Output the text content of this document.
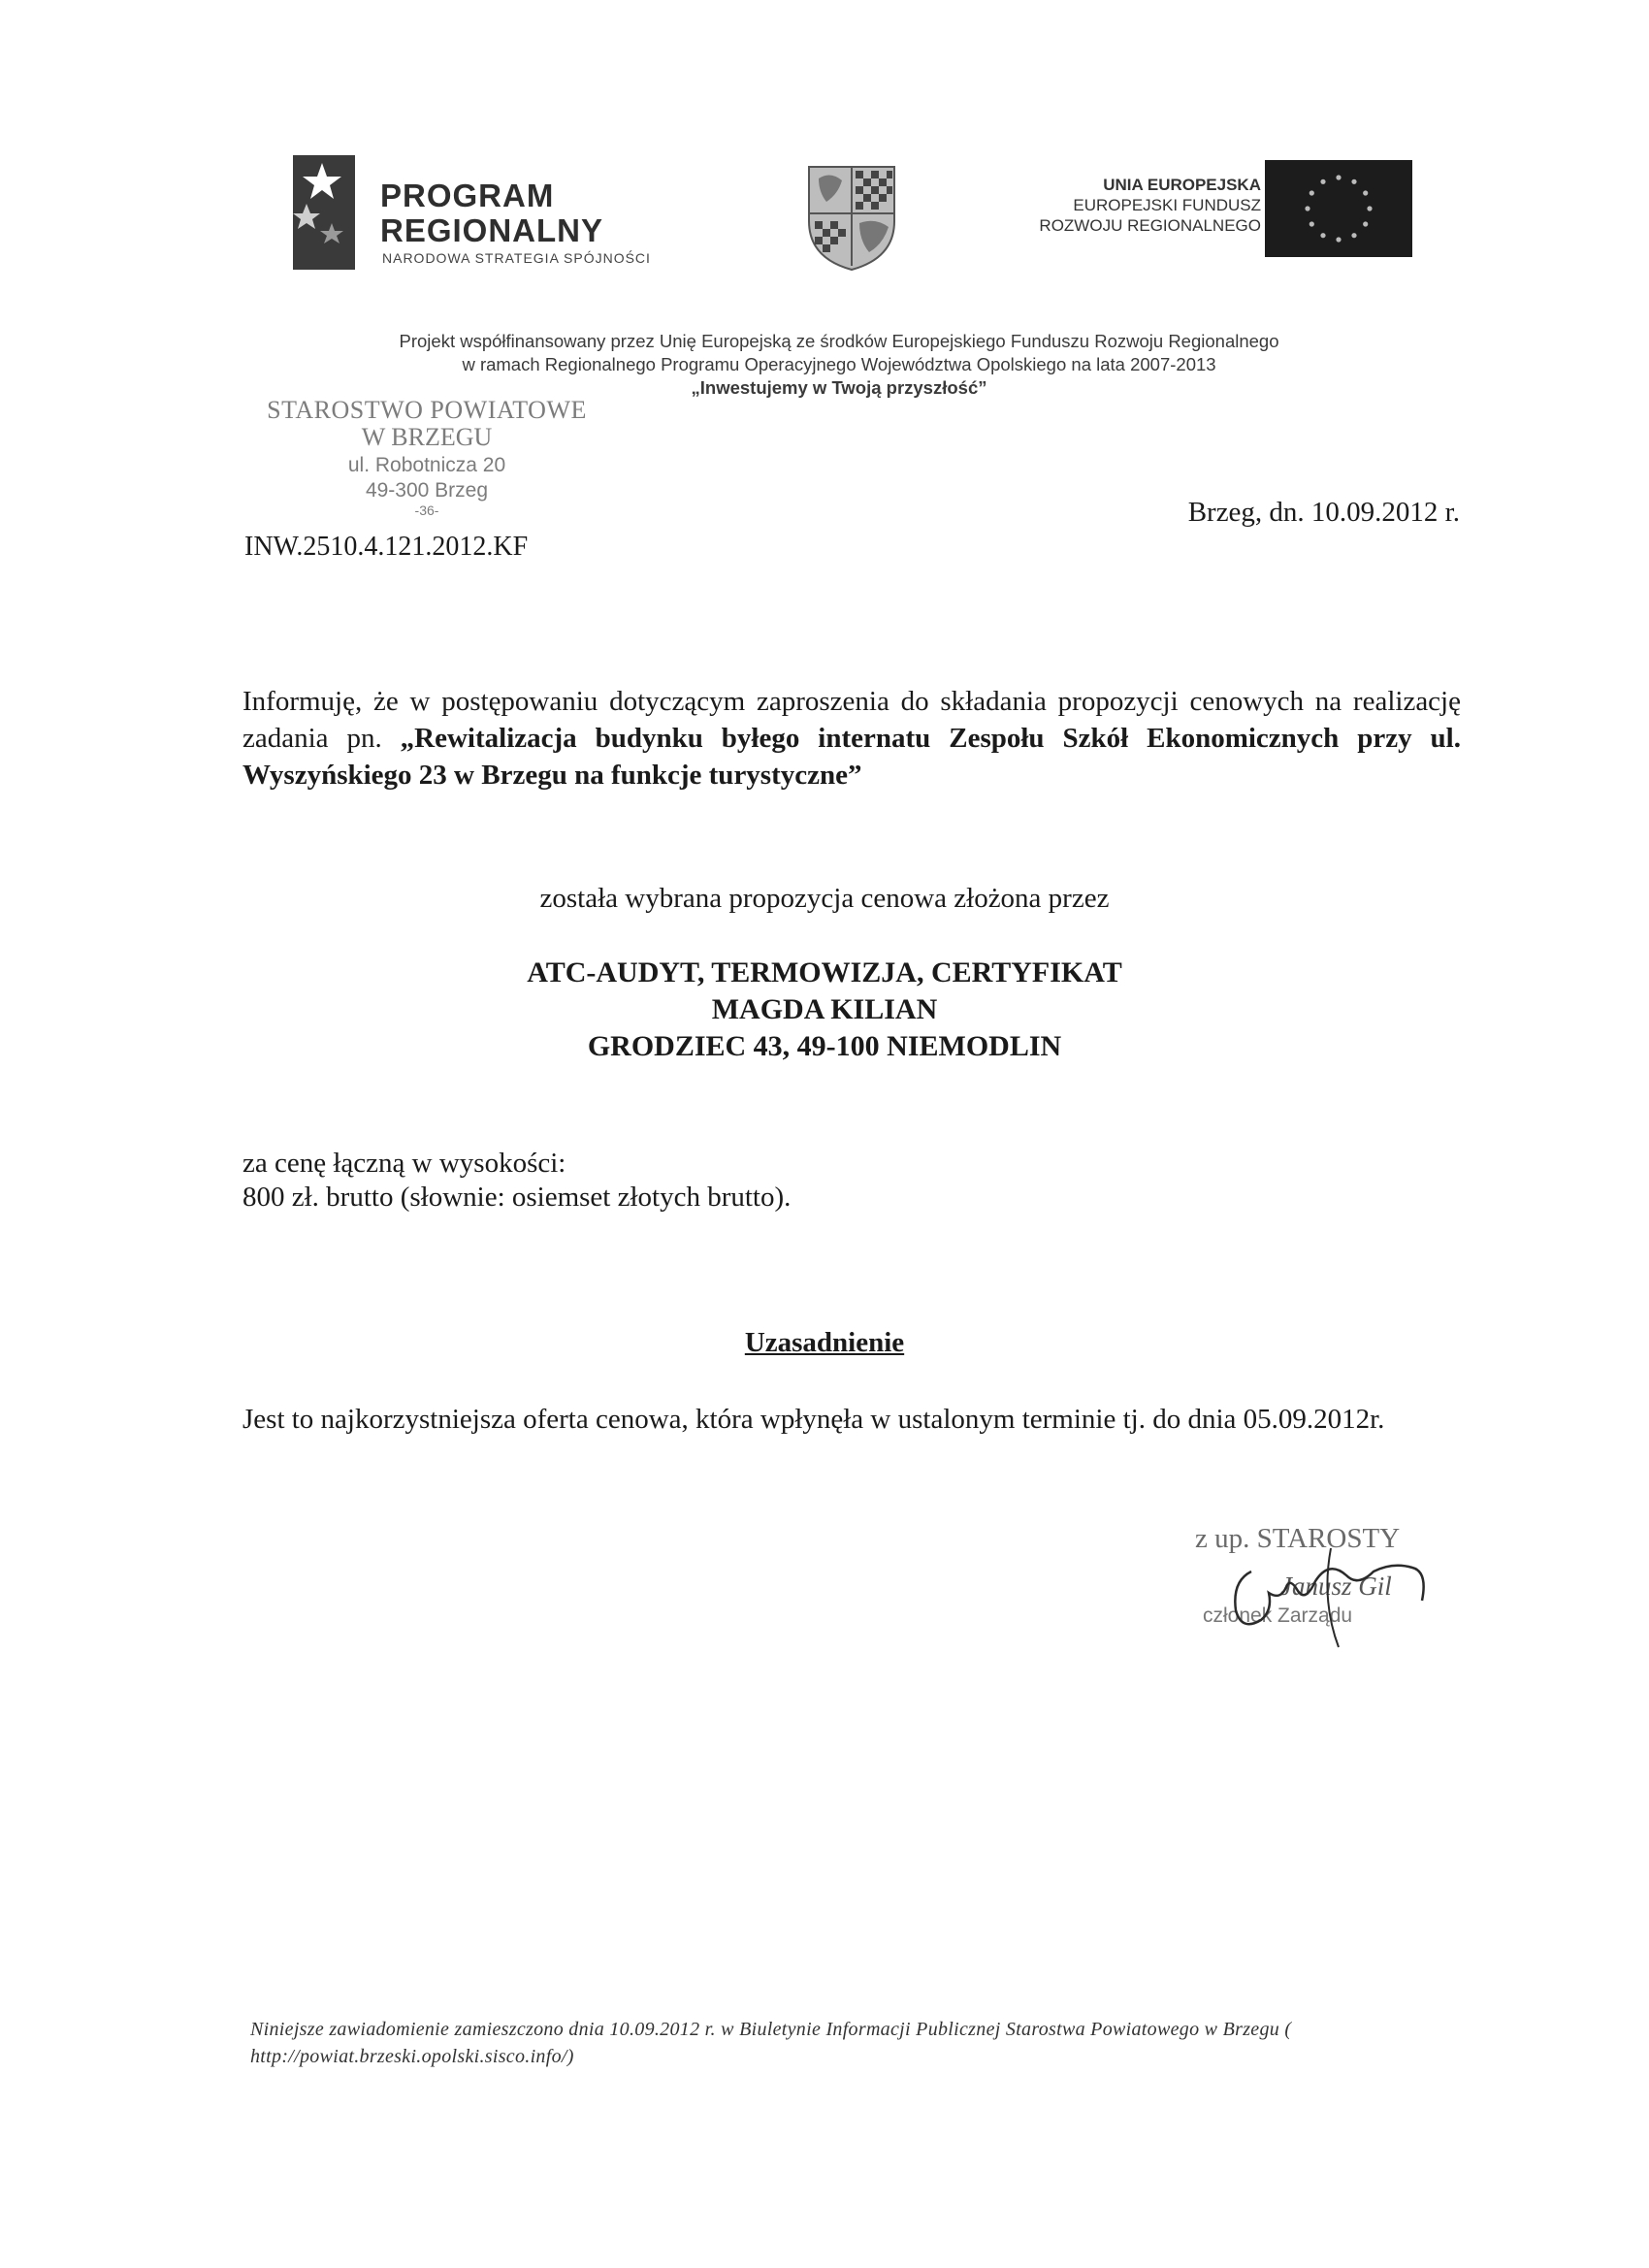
PROGRAM
REGIONALNY
NARODOWA STRATEGIA SPÓJNOŚCI
UNIA EUROPEJSKA
EUROPEJSKI FUNDUSZ
ROZWOJU REGIONALNEGO
Projekt współfinansowany przez Unię Europejską ze środków Europejskiego Funduszu Rozwoju Regionalnego
w ramach Regionalnego Programu Operacyjnego Województwa Opolskiego na lata 2007-2013
„Inwestujemy w Twoją przyszłość”
STAROSTWO POWIATOWE
W BRZEGU
ul. Robotnicza 20
49-300 Brzeg
-36-
INW.2510.4.121.2012.KF
Brzeg, dn. 10.09.2012 r.
Informuję, że w postępowaniu dotyczącym zaproszenia do składania propozycji cenowych na realizację zadania pn. „Rewitalizacja budynku byłego internatu Zespołu Szkół Ekonomicznych przy ul. Wyszyńskiego 23 w Brzegu na funkcje turystyczne”
została wybrana propozycja cenowa złożona przez
ATC-AUDYT, TERMOWIZJA, CERTYFIKAT
MAGDA KILIAN
GRODZIEC 43, 49-100 NIEMODLIN
za cenę łączną w wysokości:
800 zł. brutto (słownie: osiemset złotych brutto).
Uzasadnienie
Jest to najkorzystniejsza oferta cenowa, która wpłynęła w ustalonym terminie tj. do dnia 05.09.2012r.
z up. STAROSTY
Janusz Gil
członek Zarządu
Niniejsze zawiadomienie zamieszczono dnia 10.09.2012 r. w Biuletynie Informacji Publicznej Starostwa Powiatowego w Brzegu ( http://powiat.brzeski.opolski.sisco.info/)
